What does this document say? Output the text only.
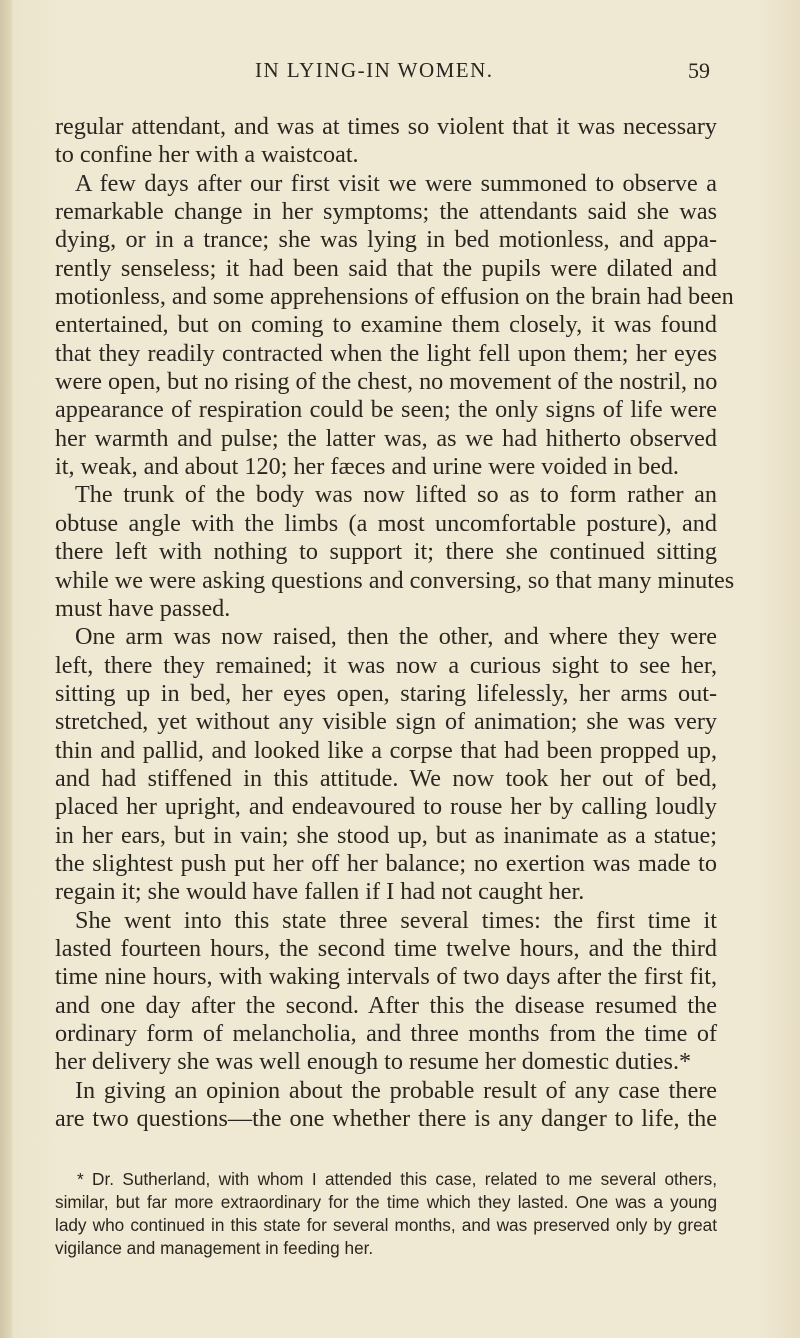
IN LYING-IN WOMEN.	59
regular attendant, and was at times so violent that it was necessary
to confine her with a waistcoat.
A few days after our first visit we were summoned to observe a
remarkable change in her symptoms; the attendants said she was
dying, or in a trance; she was lying in bed motionless, and appa-
rently senseless; it had been said that the pupils were dilated and
motionless, and some apprehensions of effusion on the brain had been
entertained, but on coming to examine them closely, it was found
that they readily contracted when the light fell upon them; her eyes
were open, but no rising of the chest, no movement of the nostril, no
appearance of respiration could be seen; the only signs of life were
her warmth and pulse; the latter was, as we had hitherto observed
it, weak, and about 120; her fæces and urine were voided in bed.
The trunk of the body was now lifted so as to form rather an
obtuse angle with the limbs (a most uncomfortable posture), and
there left with nothing to support it; there she continued sitting
while we were asking questions and conversing, so that many minutes
must have passed.
One arm was now raised, then the other, and where they were
left, there they remained; it was now a curious sight to see her,
sitting up in bed, her eyes open, staring lifelessly, her arms out-
stretched, yet without any visible sign of animation; she was very
thin and pallid, and looked like a corpse that had been propped up,
and had stiffened in this attitude. We now took her out of bed,
placed her upright, and endeavoured to rouse her by calling loudly
in her ears, but in vain; she stood up, but as inanimate as a statue;
the slightest push put her off her balance; no exertion was made to
regain it; she would have fallen if I had not caught her.
She went into this state three several times: the first time it
lasted fourteen hours, the second time twelve hours, and the third
time nine hours, with waking intervals of two days after the first fit,
and one day after the second. After this the disease resumed the
ordinary form of melancholia, and three months from the time of
her delivery she was well enough to resume her domestic duties.*
In giving an opinion about the probable result of any case there
are two questions—the one whether there is any danger to life, the
* Dr. Sutherland, with whom I attended this case, related to me several others,
similar, but far more extraordinary for the time which they lasted. One was a young
lady who continued in this state for several months, and was preserved only by great
vigilance and management in feeding her.
